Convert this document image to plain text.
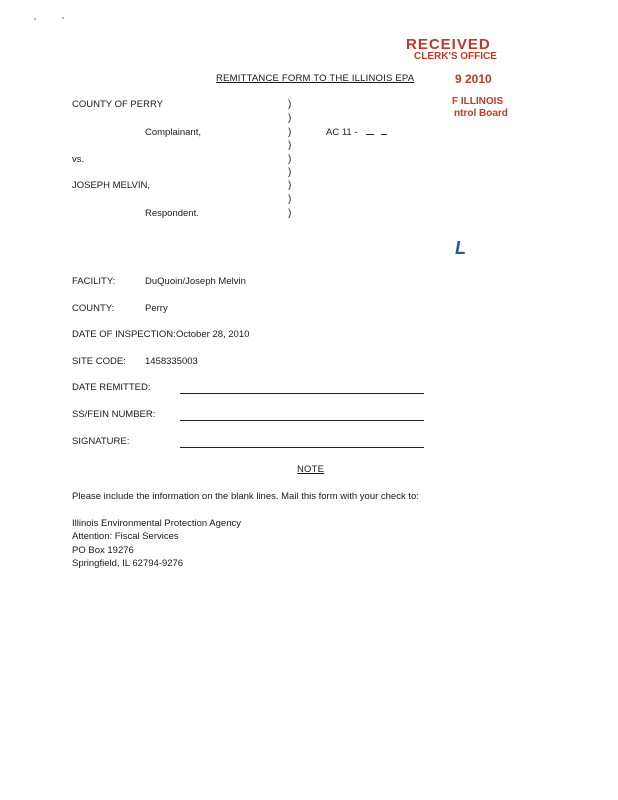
RECEIVED
CLERK'S OFFICE
9 2010
F ILLINOIS
ntrol Board
L
REMITTANCE FORM TO THE ILLINOIS EPA
COUNTY OF PERRY
Complainant,
vs.
JOSEPH MELVIN,
Respondent.
AC 11 -
)
)
)
)
)
)
)
)
)
FACILITY:	DuQuoin/Joseph Melvin
COUNTY:	Perry
DATE OF INSPECTION: October 28, 2010
SITE CODE: 1458335003
DATE REMITTED:
SS/FEIN NUMBER:
SIGNATURE:
NOTE
Please include the information on the blank lines. Mail this form with your check to:
Illinois Environmental Protection Agency
Attention: Fiscal Services
PO Box 19276
Springfield, IL 62794-9276
